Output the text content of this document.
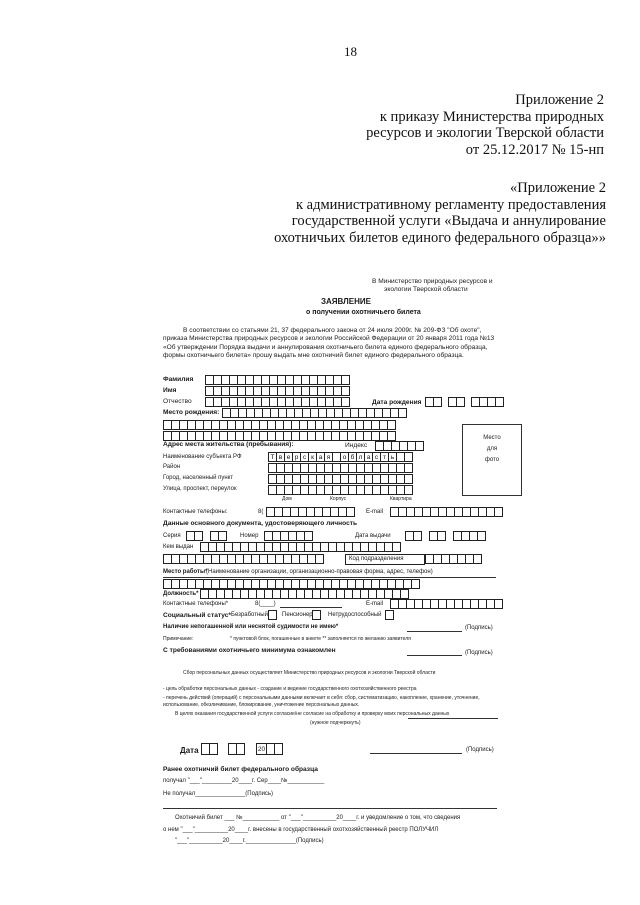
18
Приложение 2
к приказу Министерства природных
ресурсов и экологии Тверской области
от 25.12.2017 № 15-нп
«Приложение 2
к административному регламенту предоставления
государственной услуги «Выдача и аннулирование
охотничьих билетов единого федерального образца»»
В Министерство природных ресурсов и
экологии Тверской области
ЗАЯВЛЕНИЕ
о получении охотничьего билета
В соответствии со статьями 21, 37 федерального закона от 24 июля 2009г. № 209-ФЗ "Об охоте", приказа Министерства природных ресурсов и экологии Российской Федерации от 20 января 2011 года №13 «Об утверждении Порядка выдачи и аннулирования охотничьего билета единого федерального образца, формы охотничьего билета» прошу выдать мне охотничий билет единого федерального образца.
Фамилия
Имя
Отчество	Дата рождения
Место рождения:
Место
для
фото
Адрес места жительства (пребывания):	Индекс
Наименование субъекта РФ	Т в е р с к а я	о б л а с т ь
Район
Город, населенный пункт
Улица, проспект, переулок
Дом	Корпус	Квартира
Контактные телефоны:	8(	E-mail
Данные основного документа, удостоверяющего личность
Серия	Номер	Дата выдачи
Кем выдан
Код подразделения
Место работы*
(Наименование организации, организационно-правовая форма, адрес, телефон)
Должность*
Контактные телефоны*	8(____)	E-mail
Социальный статус* Безработный Пенсионер	Нетрудоспособный
Наличие непогашенной или неснятой судимости не имею*	(Подпись)
Примечание:	* пунктовой блок, погашенные в анкете ** заполняется по желанию заявителя
С требованиями охотничьего минимума ознакомлен	(Подпись)
Сбор персональных данных осуществляет Министерство природных ресурсов и экологии Тверской области
- цель обработки персональных данных - создание и ведение государственного охотхозяйственного реестра
- перечень действий (операций) с персональными данными включает в себя: сбор, систематизацию, накопление, хранение, уточнение, использование, обезличивание, блокирование, уничтожение персональных данных.
В целях оказания государственной услуги согласие/не согласие на обработку и проверку моих персональных данных
(нужное подчеркнуть)
Дата	20	(Подпись)
Ранее охотничий билет федерального образца
получал "___"_________20____г. Сер____№___________
Не получал_______________(Подпись)
Охотничий билет ___ №___________ от "___"__________20____г. и уведомление о том, что сведения
о нем "___"__________20____г. внесены в государственный охотхозяйственный реестр ПОЛУЧИЛ
"___"__________20____г._______________(Подпись)
